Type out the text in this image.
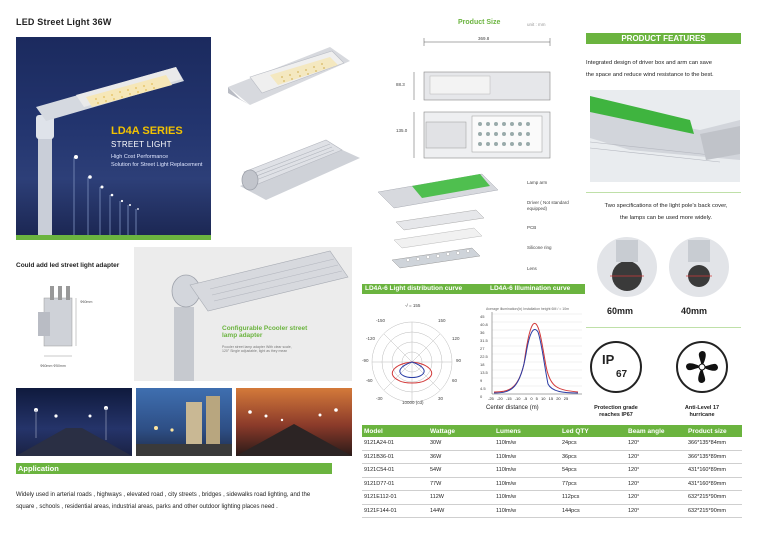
LED Street Light 36W
LD4A SERIES
STREET LIGHT
High Cost Performance
Solution for Street Light Replacement
Product Size	unit : mm
369.8
88.3
135.0
Lamp arm
Driver ( Not standard equipped)
PCB
Silicone ring
Lens
LD4A-6 Light distribution curve	LD4A-6 Illumination curve
-/ = 155
-150
-120
-90
-60
-30
150
120
90
60
30
10000 (cd)
Average illumination(lx) Installation height 6M / = 10m
45
40.8
36
31.5
27
22.5
18
13.5
9
4.5
0	-25 -20 -15 -10 -5 0 5 10 15 20 25
Center distance (m)
Could add led street light adapter
Ф60mm
Ф60mm Ф50mm
Configurable Pcooler street
lamp adapter
Pcooler street lamp adapter With clear scale,
120° Single adjustable, light as they mean
Application
Widely used in arterial roads , highways , elevated road , city streets , bridges , sidewalks road lighting, and the
square , schools , residential areas, industrial areas, parks and other outdoor lighting places need .
PRODUCT FEATURES
Integrated design of driver box and arm can save
the space and reduce wind resistance to the best.
Two specifications of the light pole's back cover,
the lamps can be used more widely.
60mm	40mm
IP
67
Protection grade
reaches IP67
Anti-Level 17
hurricane
Model	Wattage	Lumens	Led QTY	Beam angle	Product size
9121A24-01	30W	110lm/w	24pcs	120°	366*135*84mm
9121B36-01	36W	110lm/w	36pcs	120°	366*135*89mm
9121C54-01	54W	110lm/w	54pcs	120°	431*160*89mm
9121D77-01	77W	110lm/w	77pcs	120°	431*160*89mm
9121E112-01	112W	110lm/w	112pcs	120°	632*215*90mm
9121F144-01	144W	110lm/w	144pcs	120°	632*215*90mm
